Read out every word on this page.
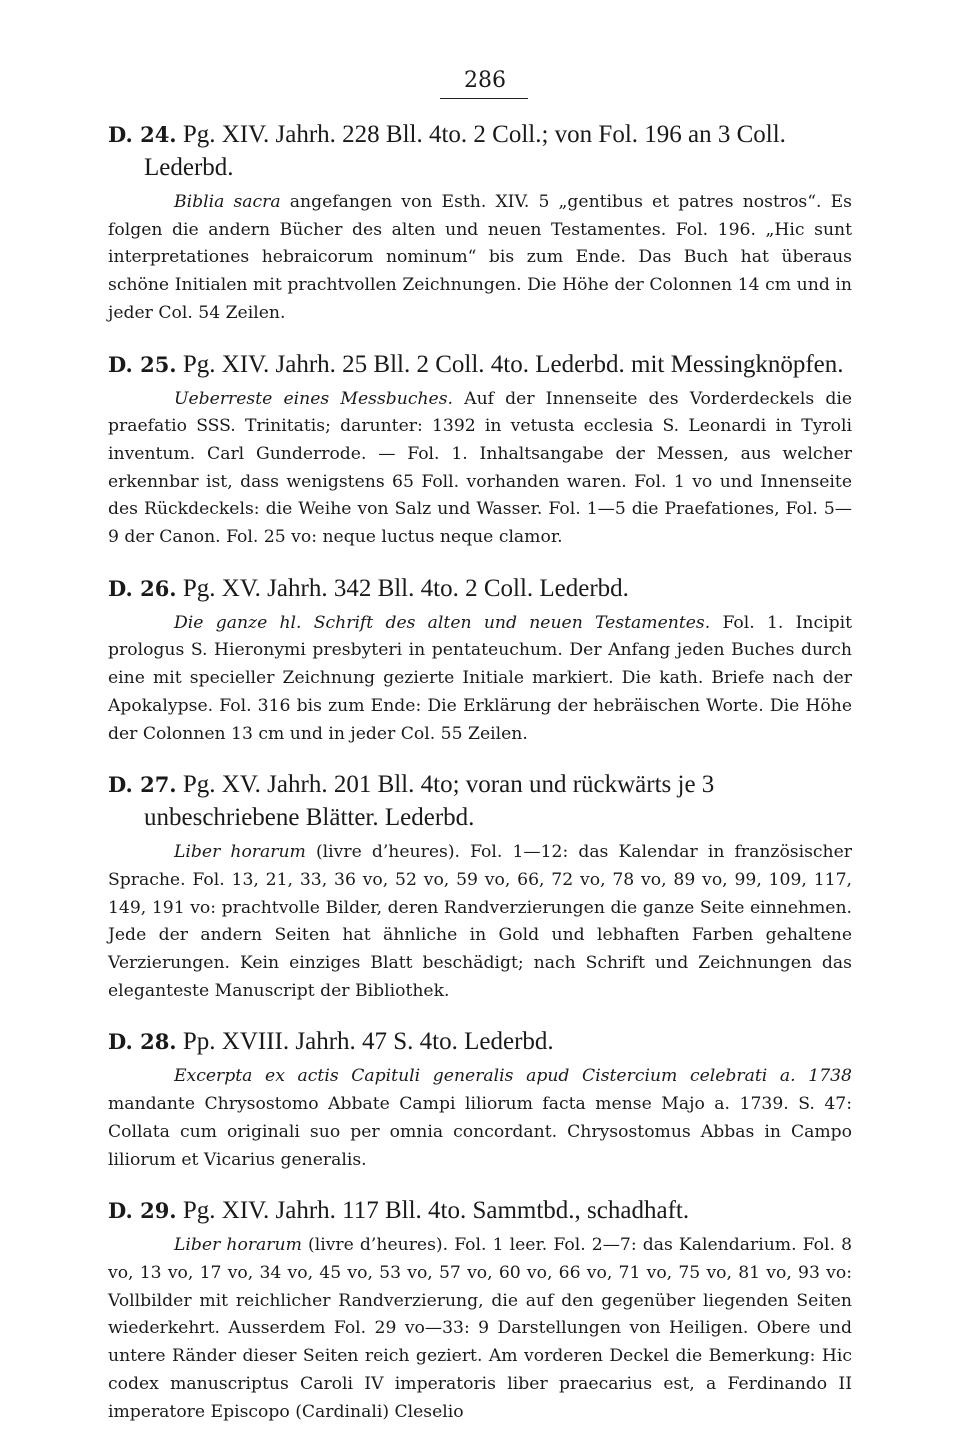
286
D. 24. Pg. XIV. Jahrh. 228 Bll. 4to. 2 Coll.; von Fol. 196 an 3 Coll. Lederbd.
Biblia sacra angefangen von Esth. XIV. 5 „gentibus et patres nostros“. Es folgen die andern Bücher des alten und neuen Testamentes. Fol. 196. „Hic sunt interpretationes hebraicorum nominum“ bis zum Ende. Das Buch hat überaus schöne Initialen mit prachtvollen Zeichnungen. Die Höhe der Colonnen 14 cm und in jeder Col. 54 Zeilen.
D. 25. Pg. XIV. Jahrh. 25 Bll. 2 Coll. 4to. Lederbd. mit Messingknöpfen.
Ueberreste eines Messbuches. Auf der Innenseite des Vorderdeckels die praefatio SSS. Trinitatis; darunter: 1392 in vetusta ecclesia S. Leonardi in Tyroli inventum. Carl Gunderrode. — Fol. 1. Inhaltsangabe der Messen, aus welcher erkennbar ist, dass wenigstens 65 Foll. vorhanden waren. Fol. 1 vo und Innenseite des Rückdeckels: die Weihe von Salz und Wasser. Fol. 1—5 die Praefationes, Fol. 5—9 der Canon. Fol. 25 vo: neque luctus neque clamor.
D. 26. Pg. XV. Jahrh. 342 Bll. 4to. 2 Coll. Lederbd.
Die ganze hl. Schrift des alten und neuen Testamentes. Fol. 1. Incipit prologus S. Hieronymi presbyteri in pentateuchum. Der Anfang jeden Buches durch eine mit specieller Zeichnung gezierte Initiale markiert. Die kath. Briefe nach der Apokalypse. Fol. 316 bis zum Ende: Die Erklärung der hebräischen Worte. Die Höhe der Colonnen 13 cm und in jeder Col. 55 Zeilen.
D. 27. Pg. XV. Jahrh. 201 Bll. 4to; voran und rückwärts je 3 unbeschriebene Blätter. Lederbd.
Liber horarum (livre d’heures). Fol. 1—12: das Kalendar in französischer Sprache. Fol. 13, 21, 33, 36 vo, 52 vo, 59 vo, 66, 72 vo, 78 vo, 89 vo, 99, 109, 117, 149, 191 vo: prachtvolle Bilder, deren Randverzierungen die ganze Seite einnehmen. Jede der andern Seiten hat ähnliche in Gold und lebhaften Farben gehaltene Verzierungen. Kein einziges Blatt beschädigt; nach Schrift und Zeichnungen das eleganteste Manuscript der Bibliothek.
D. 28. Pp. XVIII. Jahrh. 47 S. 4to. Lederbd.
Excerpta ex actis Capituli generalis apud Cistercium celebrati a. 1738 mandante Chrysostomo Abbate Campi liliorum facta mense Majo a. 1739. S. 47: Collata cum originali suo per omnia concordant. Chrysostomus Abbas in Campo liliorum et Vicarius generalis.
D. 29. Pg. XIV. Jahrh. 117 Bll. 4to. Sammtbd., schadhaft.
Liber horarum (livre d’heures). Fol. 1 leer. Fol. 2—7: das Kalendarium. Fol. 8 vo, 13 vo, 17 vo, 34 vo, 45 vo, 53 vo, 57 vo, 60 vo, 66 vo, 71 vo, 75 vo, 81 vo, 93 vo: Vollbilder mit reichlicher Randverzierung, die auf den gegenüber liegenden Seiten wiederkehrt. Ausserdem Fol. 29 vo—33: 9 Darstellungen von Heiligen. Obere und untere Ränder dieser Seiten reich geziert. Am vorderen Deckel die Bemerkung: Hic codex manuscriptus Caroli IV imperatoris liber praecarius est, a Ferdinando II imperatore Episcopo (Cardinali) Cleselio
